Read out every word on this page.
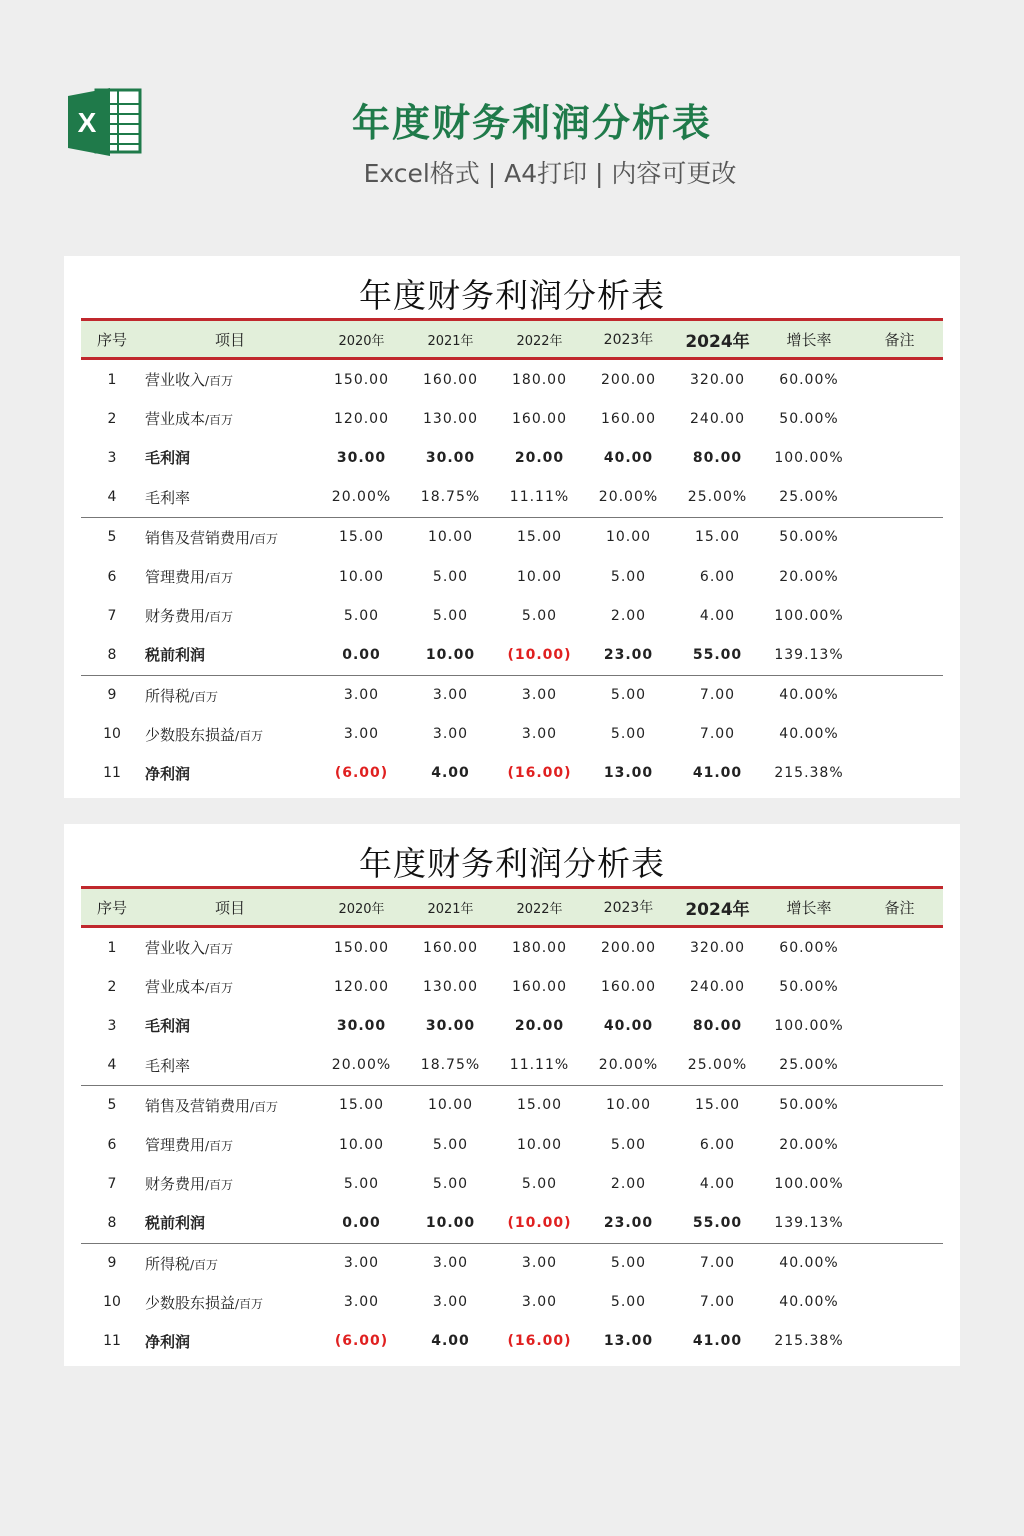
X	年度财务利润分析表
Excel格式 | A4打印 | 内容可更改
年度财务利润分析表
序号	项目	2020年	2021年	2022年	2023年	2024年	增长率	备注
1	营业收入/百万	150.00	160.00	180.00	200.00	320.00	60.00%
2	营业成本/百万	120.00	130.00	160.00	160.00	240.00	50.00%
3	毛利润	30.00	30.00	20.00	40.00	80.00	100.00%
4	毛利率	20.00%	18.75%	11.11%	20.00%	25.00%	25.00%
5	销售及营销费用/百万	15.00	10.00	15.00	10.00	15.00	50.00%
6	管理费用/百万	10.00	5.00	10.00	5.00	6.00	20.00%
7	财务费用/百万	5.00	5.00	5.00	2.00	4.00	100.00%
8	税前利润	0.00	10.00	(10.00)	23.00	55.00	139.13%
9	所得税/百万	3.00	3.00	3.00	5.00	7.00	40.00%
10	少数股东损益/百万	3.00	3.00	3.00	5.00	7.00	40.00%
11	净利润	(6.00)	4.00	(16.00)	13.00	41.00	215.38%
年度财务利润分析表
序号	项目	2020年	2021年	2022年	2023年	2024年	增长率	备注
1	营业收入/百万	150.00	160.00	180.00	200.00	320.00	60.00%
2	营业成本/百万	120.00	130.00	160.00	160.00	240.00	50.00%
3	毛利润	30.00	30.00	20.00	40.00	80.00	100.00%
4	毛利率	20.00%	18.75%	11.11%	20.00%	25.00%	25.00%
5	销售及营销费用/百万	15.00	10.00	15.00	10.00	15.00	50.00%
6	管理费用/百万	10.00	5.00	10.00	5.00	6.00	20.00%
7	财务费用/百万	5.00	5.00	5.00	2.00	4.00	100.00%
8	税前利润	0.00	10.00	(10.00)	23.00	55.00	139.13%
9	所得税/百万	3.00	3.00	3.00	5.00	7.00	40.00%
10	少数股东损益/百万	3.00	3.00	3.00	5.00	7.00	40.00%
11	净利润	(6.00)	4.00	(16.00)	13.00	41.00	215.38%
